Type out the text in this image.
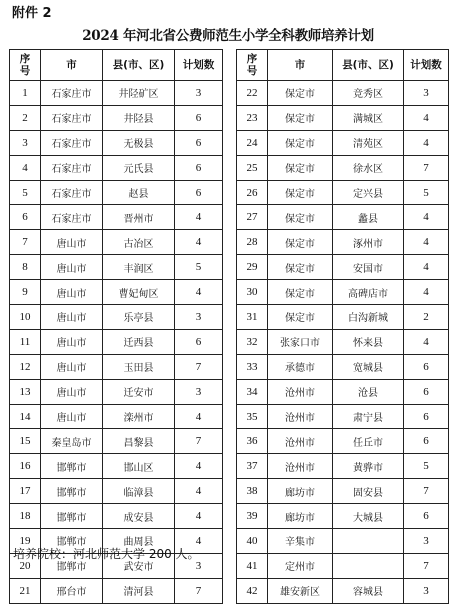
附件 2
2024 年河北省公费师范生小学全科教师培养计划
序
号	市	县(市、区)	计划数
1	石家庄市	井陉矿区	3
2	石家庄市	井陉县	6
3	石家庄市	无极县	6
4	石家庄市	元氏县	6
5	石家庄市	赵县	6
6	石家庄市	晋州市	4
7	唐山市	古冶区	4
8	唐山市	丰润区	5
9	唐山市	曹妃甸区	4
10	唐山市	乐亭县	3
11	唐山市	迁西县	6
12	唐山市	玉田县	7
13	唐山市	迁安市	3
14	唐山市	滦州市	4
15	秦皇岛市	昌黎县	7
16	邯郸市	邯山区	4
17	邯郸市	临漳县	4
18	邯郸市	成安县	4
19	邯郸市	曲周县	4
20	邯郸市	武安市	3
21	邢台市	清河县	7
序
号	市	县(市、区)	计划数
22	保定市	竞秀区	3
23	保定市	满城区	4
24	保定市	清苑区	4
25	保定市	徐水区	7
26	保定市	定兴县	5
27	保定市	蠡县	4
28	保定市	涿州市	4
29	保定市	安国市	4
30	保定市	高碑店市	4
31	保定市	白沟新城	2
32	张家口市	怀来县	4
33	承德市	宽城县	6
34	沧州市	沧县	6
35	沧州市	肃宁县	6
36	沧州市	任丘市	6
37	沧州市	黄骅市	5
38	廊坊市	固安县	7
39	廊坊市	大城县	6
40	辛集市		3
41	定州市		7
42	雄安新区	容城县	3
培养院校：河北师范大学 200 人。
